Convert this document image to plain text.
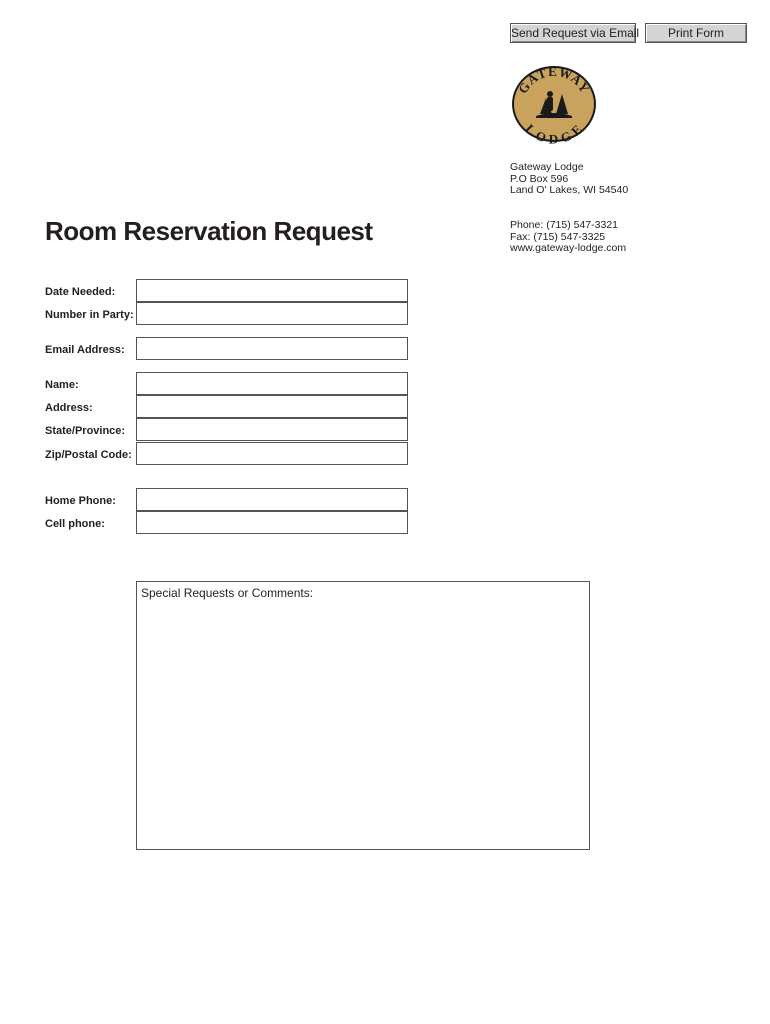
Send Request via Email	Print Form
GATEWAY
LODGE
Gateway Lodge
P.O Box 596
Land O' Lakes, WI 54540
Phone: (715) 547-3321
Fax: (715) 547-3325
www.gateway-lodge.com
Room Reservation Request
Date Needed:
Number in Party:
Email Address:
Name:
Address:
State/Province:
Zip/Postal Code:
Home Phone:
Cell phone:
Special Requests or Comments:
